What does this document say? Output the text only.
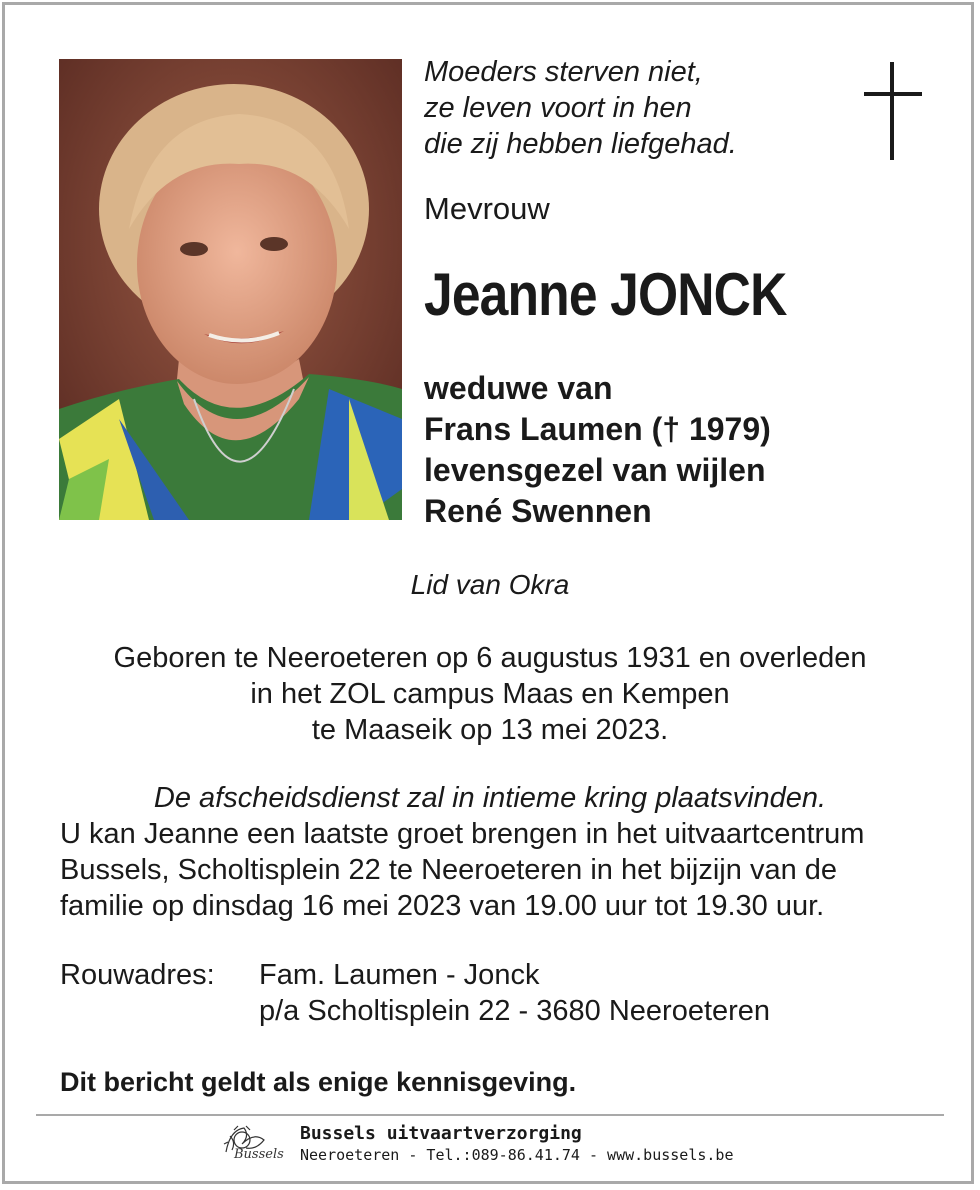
Moeders sterven niet,
ze leven voort in hen
die zij hebben liefgehad.
Mevrouw
Jeanne JONCK
weduwe van
Frans Laumen († 1979)
levensgezel van wijlen
René Swennen
Lid van Okra
Geboren te Neeroeteren op 6 augustus 1931 en overleden
in het ZOL campus Maas en Kempen
te Maaseik op 13 mei 2023.
De afscheidsdienst zal in intieme kring plaatsvinden.
U kan Jeanne een laatste groet brengen in het uitvaartcentrum
Bussels, Scholtisplein 22 te Neeroeteren in het bijzijn van de
familie op dinsdag 16 mei 2023 van 19.00 uur tot 19.30 uur.
Rouwadres: Fam. Laumen - Jonck
p/a Scholtisplein 22 - 3680 Neeroeteren
Dit bericht geldt als enige kennisgeving.
Bussels
Bussels uitvaartverzorging
Neeroeteren - Tel.:089-86.41.74 - www.bussels.be
